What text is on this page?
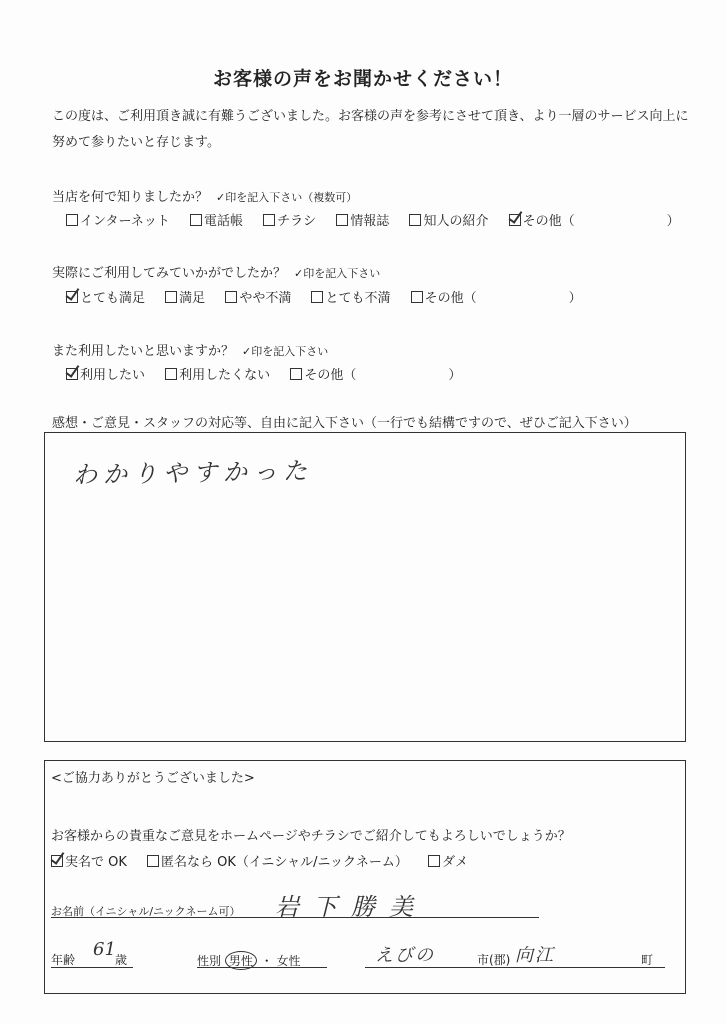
お客様の声をお聞かせください！
この度は、ご利用頂き誠に有難うございました。お客様の声を参考にさせて頂き、より一層のサービス向上に努めて参りたいと存じます。
当店を何で知りましたか？ ✓印を記入下さい（複数可）
インターネット	電話帳	チラシ	情報誌	知人の紹介	その他（	）
実際にご利用してみていかがでしたか？ ✓印を記入下さい
とても満足	満足	やや不満	とても不満	その他（	）
また利用したいと思いますか？ ✓印を記入下さい
利用したい	利用したくない	その他（	）
感想・ご意見・スタッフの対応等、自由に記入下さい（一行でも結構ですので、ぜひご記入下さい）
わかりやすかった
<ご協力ありがとうございました>
お客様からの貴重なご意見をホームページやチラシでご紹介してもよろしいでしょうか？
実名で OK	匿名なら OK（イニシャル/ニックネーム）	ダメ
お名前（イニシャル/ニックネーム可） 岩下勝美
年齢 61 歳	性別 男性 ・ 女性	えびの	市(郡) 向江	町
